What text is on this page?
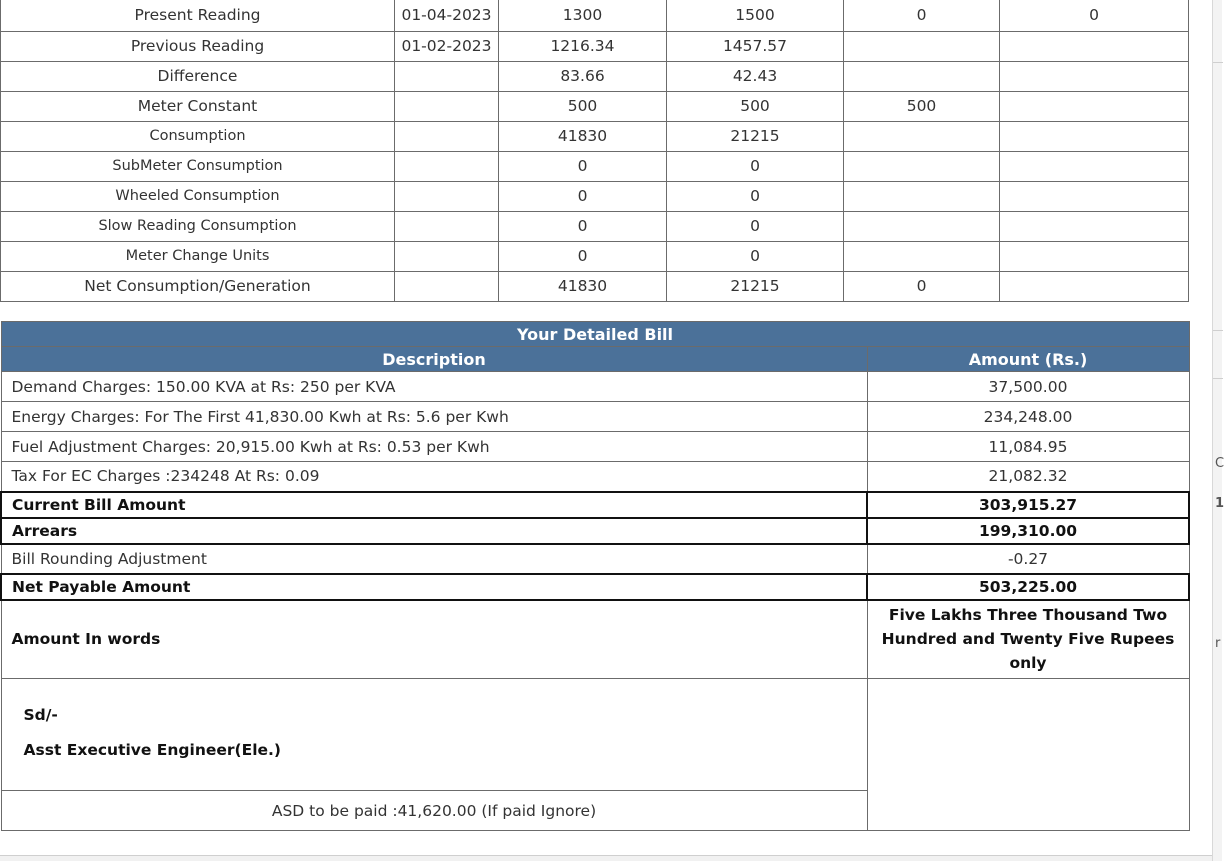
Present Reading	01-04-2023	1300	1500	0	0
Previous Reading	01-02-2023	1216.34	1457.57		
Difference		83.66	42.43		
Meter Constant		500	500	500	
Consumption		41830	21215		
SubMeter Consumption		0	0		
Wheeled Consumption		0	0		
Slow Reading Consumption		0	0		
Meter Change Units		0	0		
Net Consumption/Generation		41830	21215	0	
Your Detailed Bill	
Description	Amount (Rs.)
Demand Charges: 150.00 KVA at Rs: 250 per KVA	37,500.00
Energy Charges: For The First 41,830.00 Kwh at Rs: 5.6 per Kwh	234,248.00
Fuel Adjustment Charges: 20,915.00 Kwh at Rs: 0.53 per Kwh	11,084.95
Tax For EC Charges :234248 At Rs: 0.09	21,082.32
Current Bill Amount	303,915.27
Arrears	199,310.00
Bill Rounding Adjustment	-0.27
Net Payable Amount	503,225.00
Amount In words	Five Lakhs Three Thousand Two Hundred and Twenty Five Rupees only

Sd/-
Asst Executive Engineer(Ele.)	

ASD to be paid :41,620.00 (If paid Ignore)	
C
1
r
